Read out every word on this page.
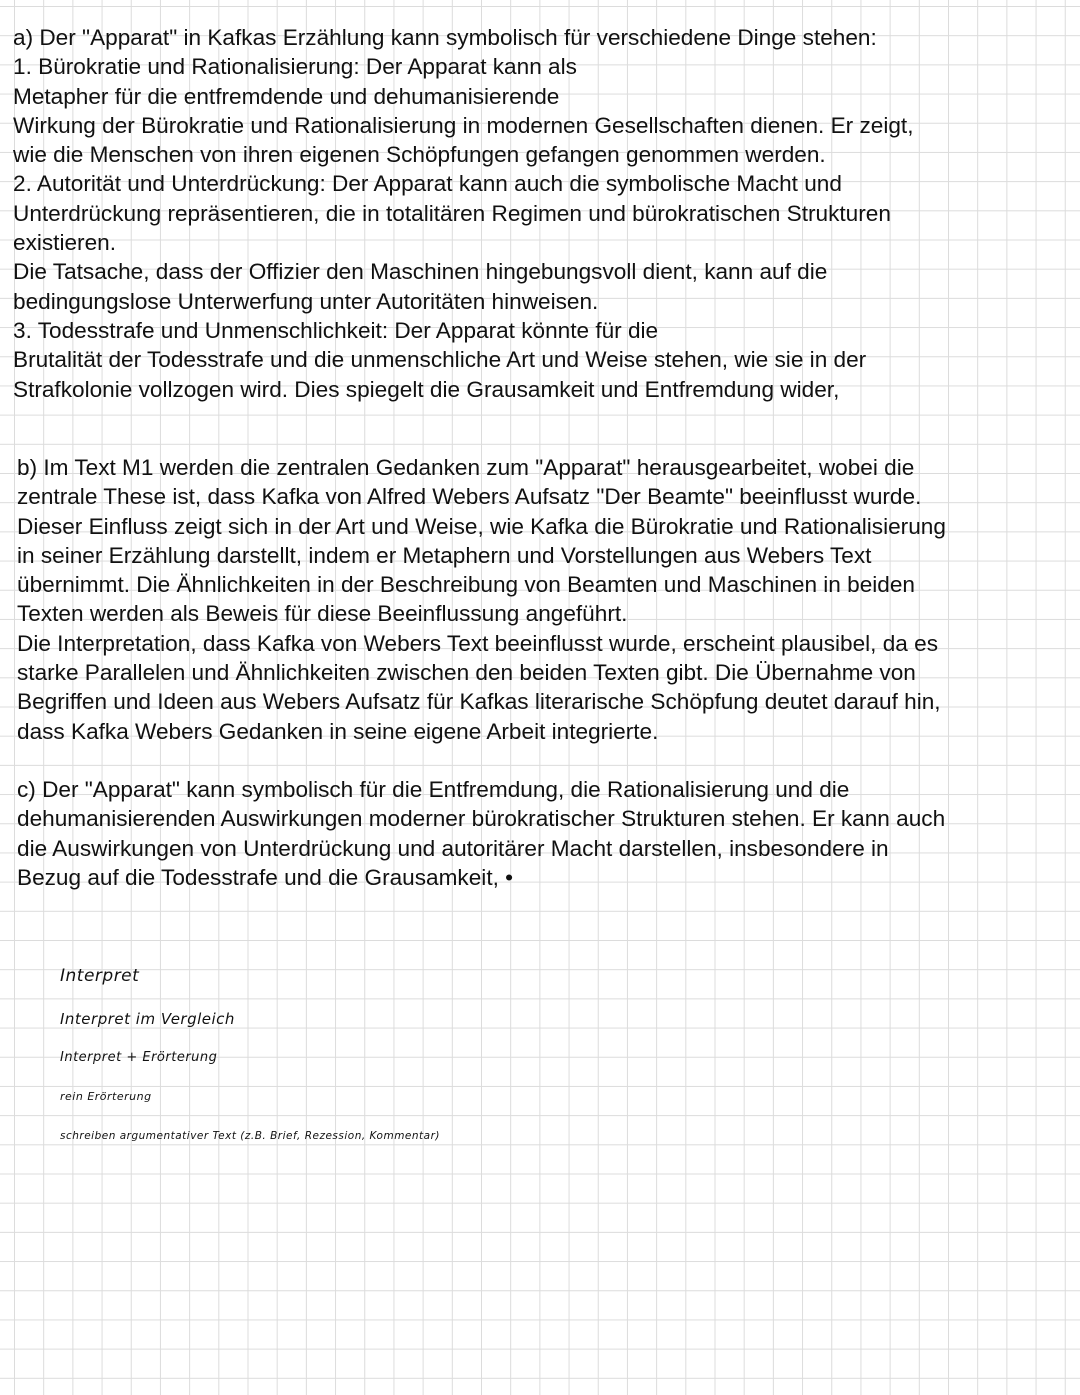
a) Der "Apparat" in Kafkas Erzählung kann symbolisch für verschiedene Dinge stehen:
1. Bürokratie und Rationalisierung: Der Apparat kann als
Metapher für die entfremdende und dehumanisierende
Wirkung der Bürokratie und Rationalisierung in modernen Gesellschaften dienen. Er zeigt,
wie die Menschen von ihren eigenen Schöpfungen gefangen genommen werden.
2. Autorität und Unterdrückung: Der Apparat kann auch die symbolische Macht und
Unterdrückung repräsentieren, die in totalitären Regimen und bürokratischen Strukturen
existieren.
Die Tatsache, dass der Offizier den Maschinen hingebungsvoll dient, kann auf die
bedingungslose Unterwerfung unter Autoritäten hinweisen.
3. Todesstrafe und Unmenschlichkeit: Der Apparat könnte für die
Brutalität der Todesstrafe und die unmenschliche Art und Weise stehen, wie sie in der
Strafkolonie vollzogen wird. Dies spiegelt die Grausamkeit und Entfremdung wider,
b) Im Text M1 werden die zentralen Gedanken zum "Apparat" herausgearbeitet, wobei die
zentrale These ist, dass Kafka von Alfred Webers Aufsatz "Der Beamte" beeinflusst wurde.
Dieser Einfluss zeigt sich in der Art und Weise, wie Kafka die Bürokratie und Rationalisierung
in seiner Erzählung darstellt, indem er Metaphern und Vorstellungen aus Webers Text
übernimmt. Die Ähnlichkeiten in der Beschreibung von Beamten und Maschinen in beiden
Texten werden als Beweis für diese Beeinflussung angeführt.
Die Interpretation, dass Kafka von Webers Text beeinflusst wurde, erscheint plausibel, da es
starke Parallelen und Ähnlichkeiten zwischen den beiden Texten gibt. Die Übernahme von
Begriffen und Ideen aus Webers Aufsatz für Kafkas literarische Schöpfung deutet darauf hin,
dass Kafka Webers Gedanken in seine eigene Arbeit integrierte.
c) Der "Apparat" kann symbolisch für die Entfremdung, die Rationalisierung und die
dehumanisierenden Auswirkungen moderner bürokratischer Strukturen stehen. Er kann auch
die Auswirkungen von Unterdrückung und autoritärer Macht darstellen, insbesondere in
Bezug auf die Todesstrafe und die Grausamkeit, •
Interpret
Interpret im Vergleich
Interpret + Erörterung
rein Erörterung
schreiben argumentativer Text (z.B. Brief, Rezession, Kommentar)
